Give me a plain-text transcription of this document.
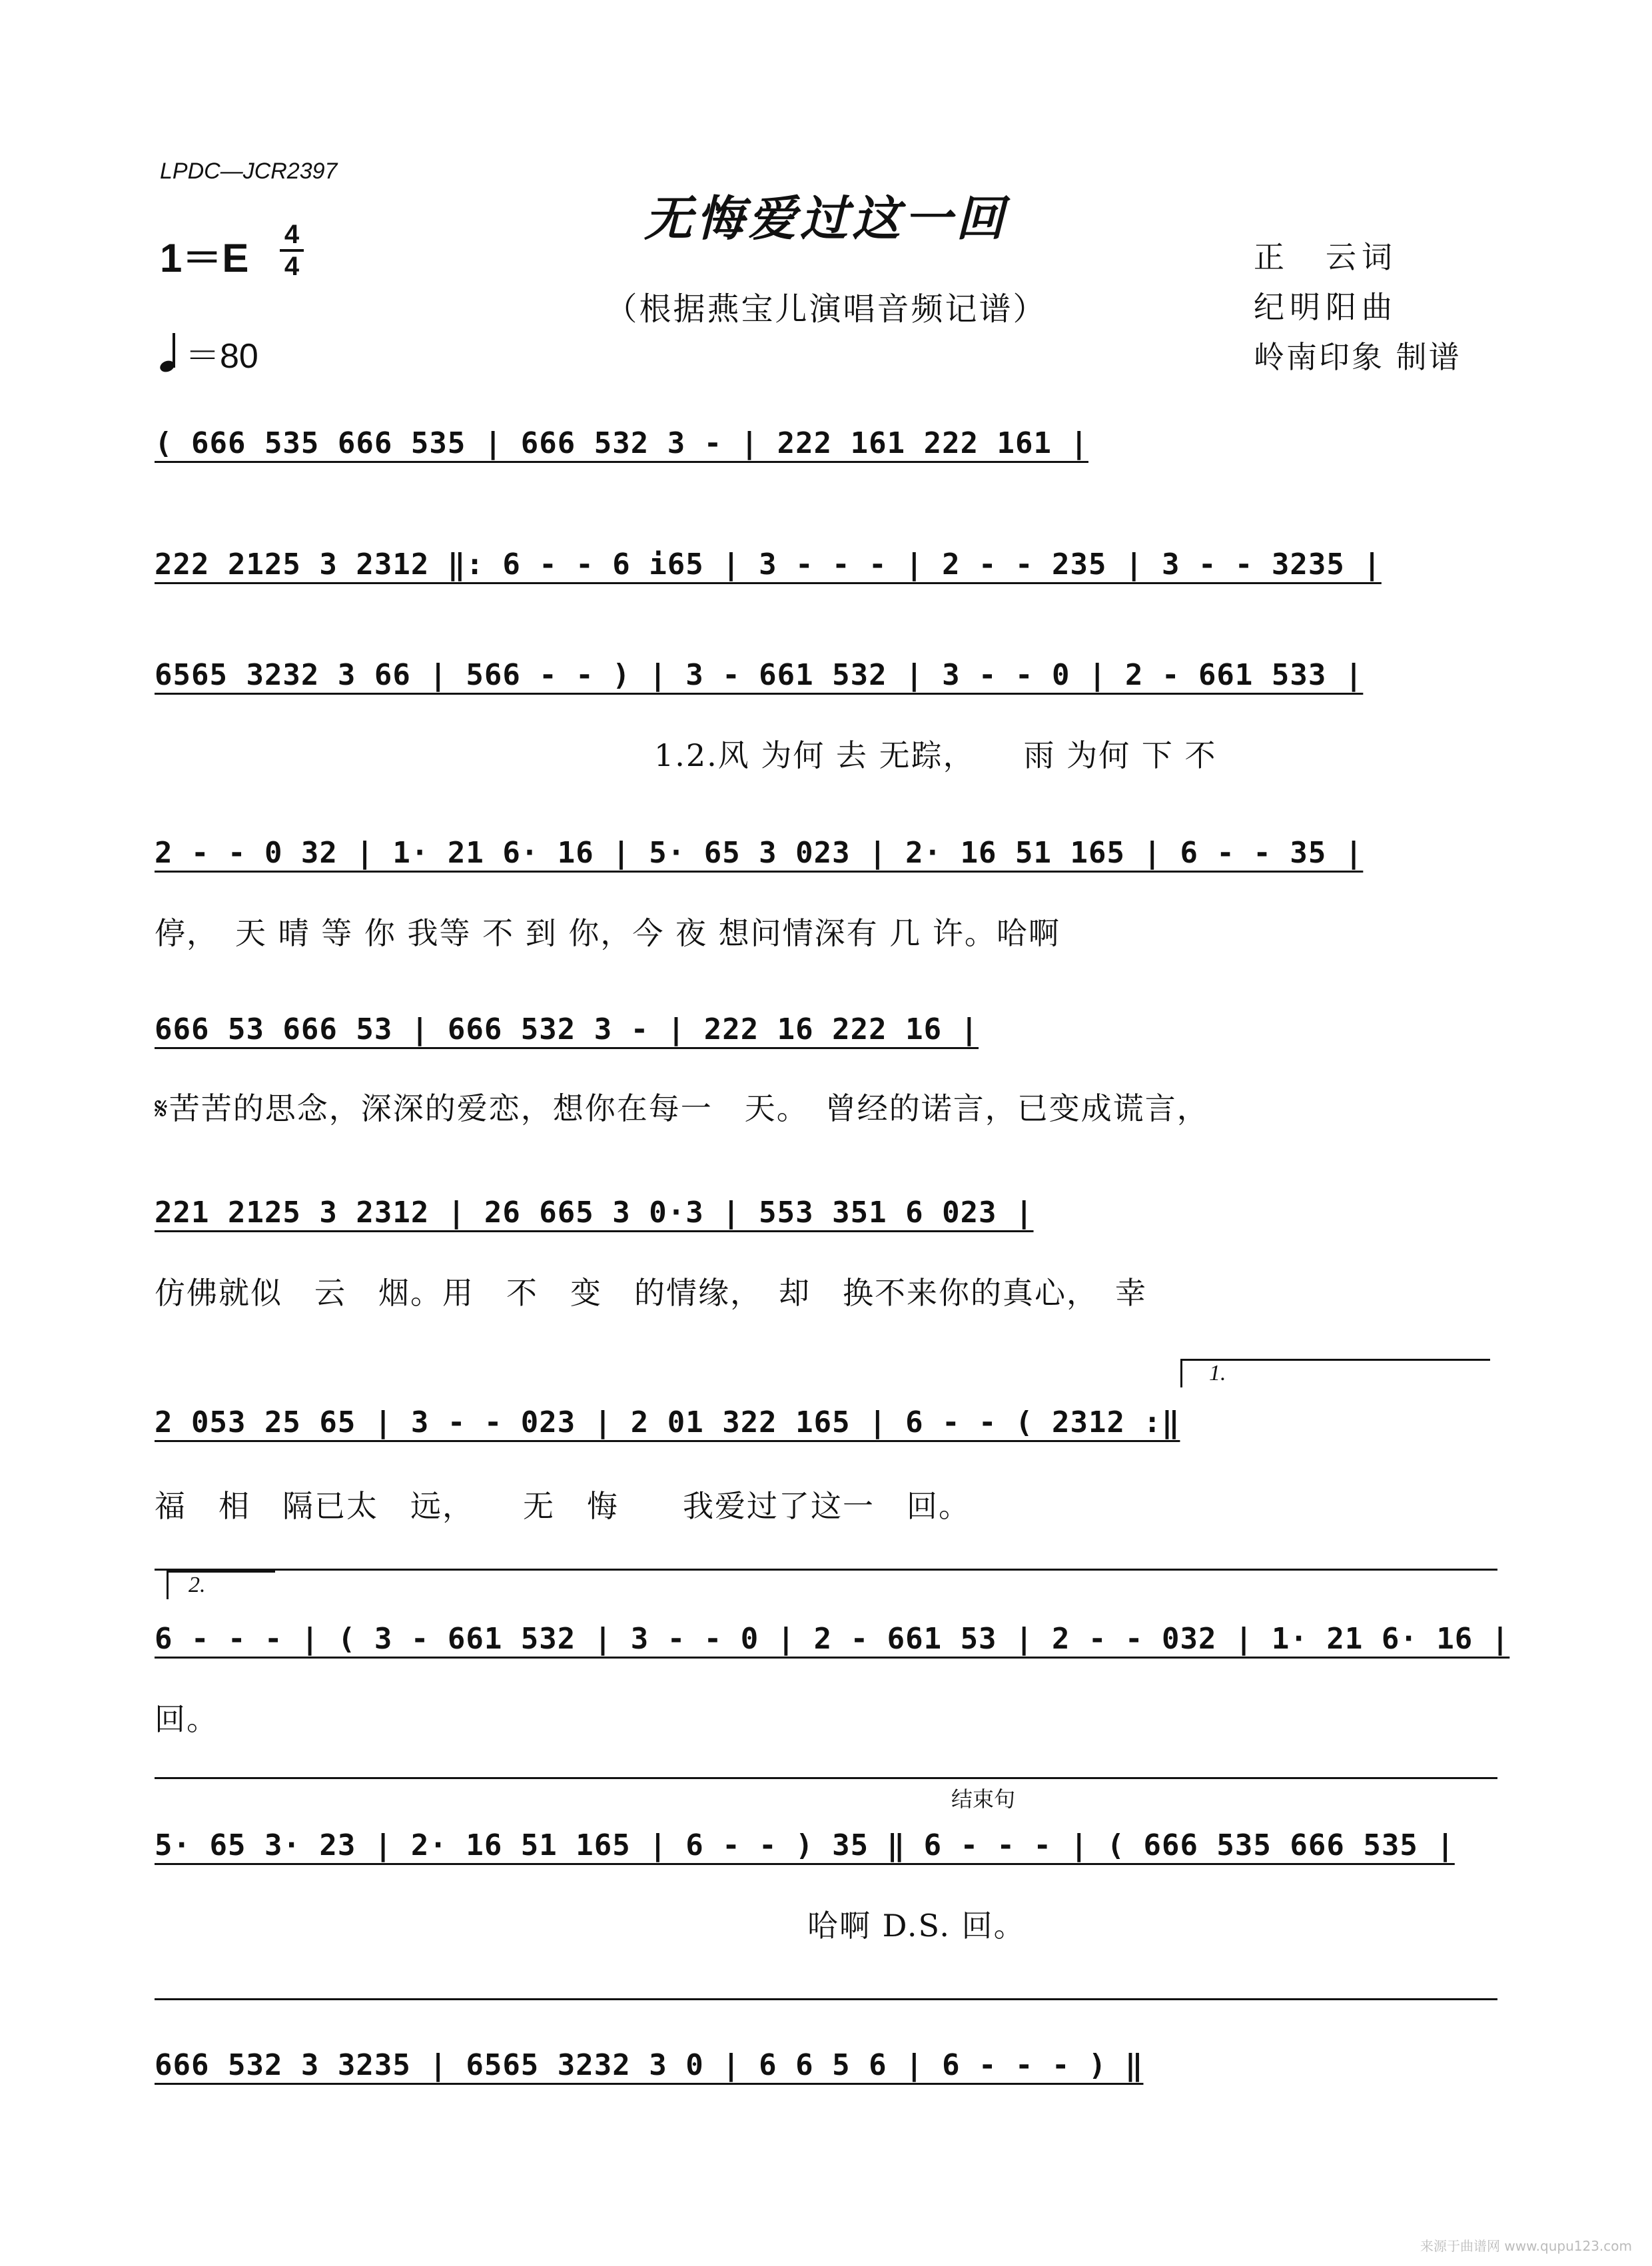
LPDC—JCR2397
无悔爱过这一回
（根据燕宝儿演唱音频记谱）
1＝E
4
4
＝80
正　云词
纪明阳曲
岭南印象 制谱
( 666 535 666 535 | 666 532 3 - | 222 161 222 161 |
222 2125 3 2312 ‖: 6 - - 6 i65 | 3 - - - | 2 - - 235 | 3 - - 3235 |
6565 3232 3 66 | 566 - - ) | 3 - 661 532 | 3 - - 0 | 2 - 661 533 |
1.2.风 为何 去 无踪，　　雨 为何 下 不
2 - - 0 32 | 1· 21 6· 16 | 5· 65 3 023 | 2· 16 51 165 | 6 - - 35 |
停，　天 晴 等 你 我等 不 到 你，今 夜 想问情深有 几 许。哈啊
666 53 666 53 | 666 532 3 - | 222 16 222 16 |
𝄋苦苦的思念，深深的爱恋，想你在每一　天。　曾经的诺言，已变成谎言，
221 2125 3 2312 | 26 665 3 0·3 | 553 351 6 023 |
仿佛就似　云　烟。用　不　变　的情缘，　却　换不来你的真心，　幸
1.
2 053 25 65 | 3 - - 023 | 2 01 322 165 | 6 - - ( 2312 :‖
福　相　隔已太　远，　　无　悔　　我爱过了这一　回。
2.
6 - - - | ( 3 - 661 532 | 3 - - 0 | 2 - 661 53 | 2 - - 032 | 1· 21 6· 16 |
回。
结束句
5· 65 3· 23 | 2· 16 51 165 | 6 - - ) 35 ‖ 6 - - - | ( 666 535 666 535 |
哈啊 D.S. 回。
666 532 3 3235 | 6565 3232 3 0 | 6 6 5 6 | 6 - - - ) ‖
来源于曲谱网 www.qupu123.com
